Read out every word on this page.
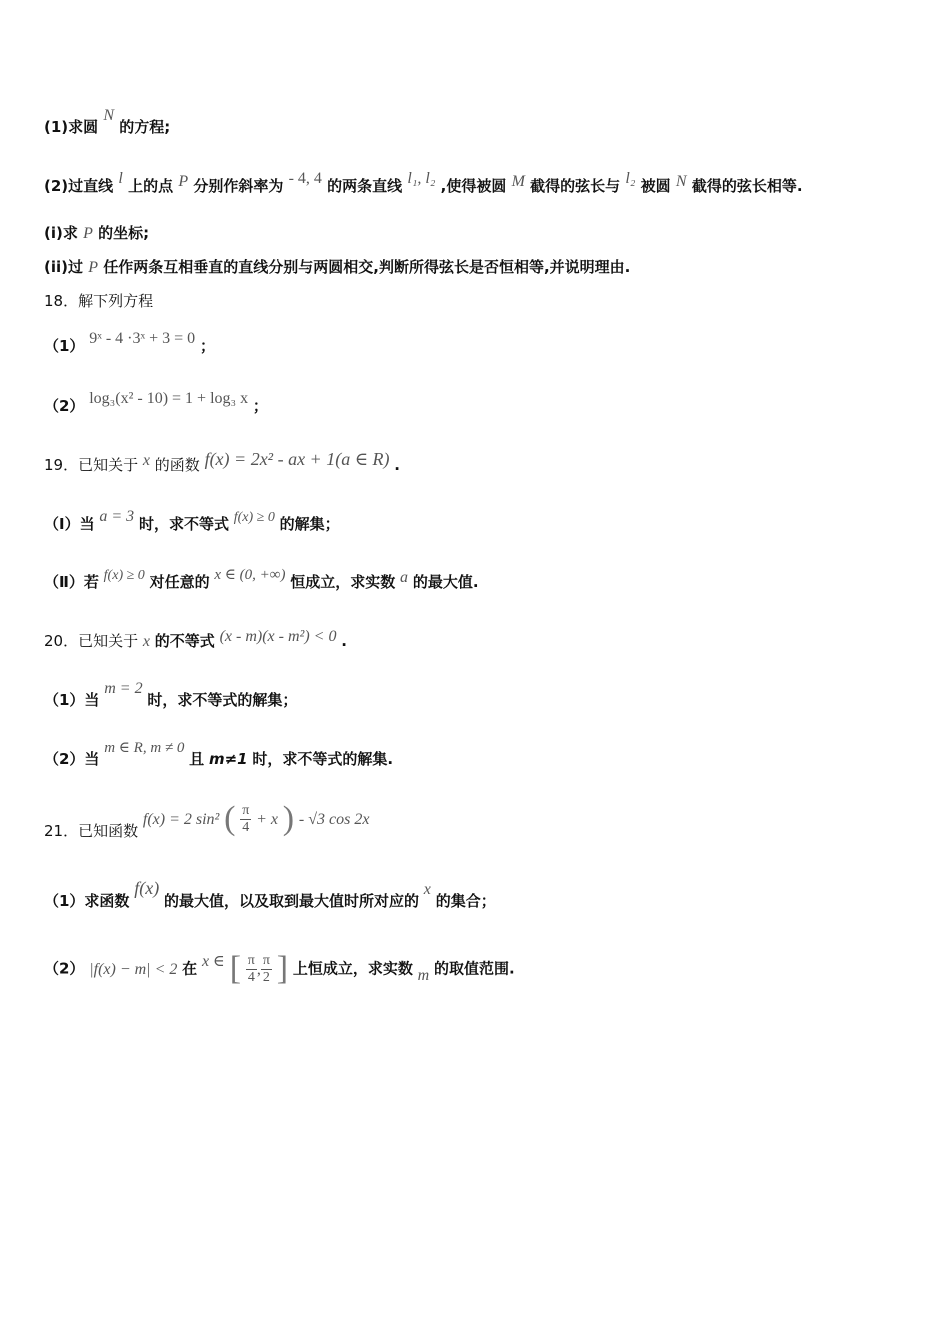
(1)求圆 N 的方程;
(2)过直线 l 上的点 P 分别作斜率为 - 4, 4 的两条直线 l₁, l₂ ,使得被圆 M 截得的弦长与 l₂ 被圆 N 截得的弦长相等.
(i)求 P 的坐标;
(ii)过 P 任作两条互相垂直的直线分别与两圆相交,判断所得弦长是否恒相等,并说明理由.
18．解下列方程
（1） 9ˣ - 4 ·3ˣ + 3 = 0 ；
（2） log₃(x² - 10) = 1 + log₃ x ；
19．已知关于 x 的函数 f(x) = 2x² - ax + 1(a ∈ R) .
（Ⅰ）当 a = 3 时，求不等式 f(x) ≥ 0 的解集；
（Ⅱ）若 f(x) ≥ 0 对任意的 x ∈ (0, +∞) 恒成立，求实数 a 的最大值.
20．已知关于 x 的不等式 (x - m)(x - m²) < 0 .
（1）当 m = 2 时，求不等式的解集；
（2）当 m ∈ R, m ≠ 0 且 m≠1 时，求不等式的解集.
21．已知函数 f(x) = 2 sin² ( $\frac{\pi}{4} + x$ ) - √3 cos 2x
（1）求函数 f(x) 的最大值，以及取到最大值时所对应的 x 的集合；
（2） |f(x) − m| < 2 在 x ∈ [ $\frac{\pi}{4}$ , $\frac{\pi}{2}$ ] 上恒成立，求实数 m 的取值范围.
